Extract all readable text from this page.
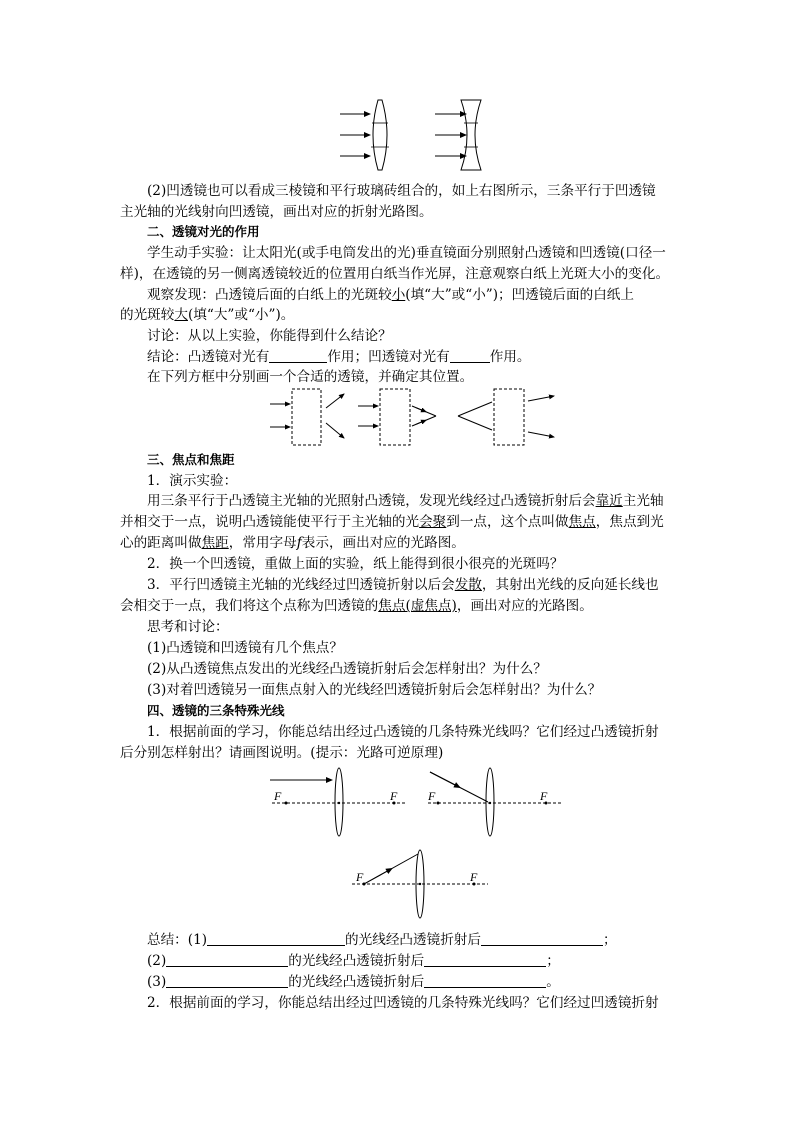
(2)凹透镜也可以看成三棱镜和平行玻璃砖组合的，如上右图所示，三条平行于凹透镜
主光轴的光线射向凹透镜，画出对应的折射光路图。
二、透镜对光的作用
学生动手实验：让太阳光(或手电筒发出的光)垂直镜面分别照射凸透镜和凹透镜(口径一
样)，在透镜的另一侧离透镜较近的位置用白纸当作光屏，注意观察白纸上光斑大小的变化。
观察发现：凸透镜后面的白纸上的光斑较小(填“大”或“小”)；凹透镜后面的白纸上
的光斑较大(填“大”或“小”)。
讨论：从以上实验，你能得到什么结论？
结论：凸透镜对光有	作用；凹透镜对光有	作用。
在下列方框中分别画一个合适的透镜，并确定其位置。
三、焦点和焦距
1．演示实验：
用三条平行于凸透镜主光轴的光照射凸透镜，发现光线经过凸透镜折射后会靠近主光轴
并相交于一点，说明凸透镜能使平行于主光轴的光会聚到一点，这个点叫做焦点，焦点到光
心的距离叫做焦距，常用字母f表示，画出对应的光路图。
2．换一个凹透镜，重做上面的实验，纸上能得到很小很亮的光斑吗？
3．平行凹透镜主光轴的光线经过凹透镜折射以后会发散，其射出光线的反向延长线也
会相交于一点，我们将这个点称为凹透镜的焦点(虚焦点)，画出对应的光路图。
思考和讨论：
(1)凸透镜和凹透镜有几个焦点？
(2)从凸透镜焦点发出的光线经凸透镜折射后会怎样射出？为什么？
(3)对着凹透镜另一面焦点射入的光线经凹透镜折射后会怎样射出？为什么？
四、透镜的三条特殊光线
1．根据前面的学习，你能总结出经过凸透镜的几条特殊光线吗？它们经过凸透镜折射
后分别怎样射出？请画图说明。(提示：光路可逆原理)
F	F	F	F
F	F
总结：(1)	的光线经凸透镜折射后	；
(2)	的光线经凸透镜折射后	；
(3)	的光线经凸透镜折射后	。
2．根据前面的学习，你能总结出经过凹透镜的几条特殊光线吗？它们经过凹透镜折射
